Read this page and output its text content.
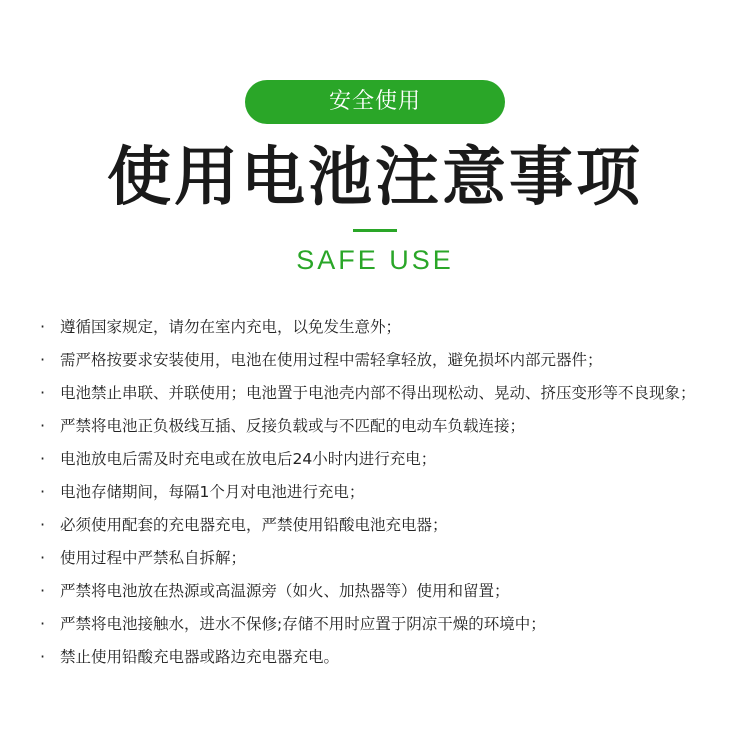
安全使用
使用电池注意事项
SAFE USE
· 遵循国家规定，请勿在室内充电，以免发生意外；
· 需严格按要求安装使用，电池在使用过程中需轻拿轻放，避免损坏内部元器件；
· 电池禁止串联、并联使用；电池置于电池壳内部不得出现松动、晃动、挤压变形等不良现象；
· 严禁将电池正负极线互插、反接负载或与不匹配的电动车负载连接；
· 电池放电后需及时充电或在放电后24小时内进行充电；
· 电池存储期间，每隔1个月对电池进行充电；
· 必须使用配套的充电器充电，严禁使用铅酸电池充电器；
· 使用过程中严禁私自拆解；
· 严禁将电池放在热源或高温源旁（如火、加热器等）使用和留置；
· 严禁将电池接触水，进水不保修;存储不用时应置于阴凉干燥的环境中；
· 禁止使用铅酸充电器或路边充电器充电。
